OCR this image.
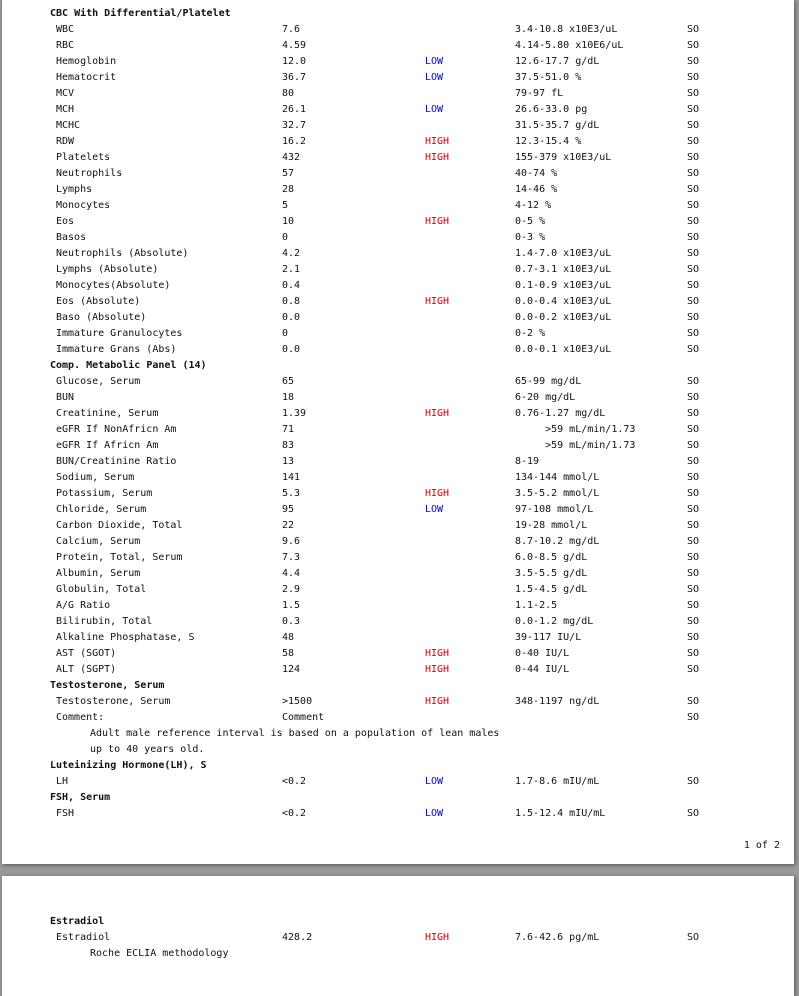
CBC With Differential/Platelet
WBC	7.6	3.4-10.8 x10E3/uL	SO
RBC	4.59	4.14-5.80 x10E6/uL	SO
Hemoglobin	12.0	LOW	12.6-17.7 g/dL	SO
Hematocrit	36.7	LOW	37.5-51.0 %	SO
MCV	80	79-97 fL	SO
MCH	26.1	LOW	26.6-33.0 pg	SO
MCHC	32.7	31.5-35.7 g/dL	SO
RDW	16.2	HIGH	12.3-15.4 %	SO
Platelets	432	HIGH	155-379 x10E3/uL	SO
Neutrophils	57	40-74 %	SO
Lymphs	28	14-46 %	SO
Monocytes	5	4-12 %	SO
Eos	10	HIGH	0-5 %	SO
Basos	0	0-3 %	SO
Neutrophils (Absolute)	4.2	1.4-7.0 x10E3/uL	SO
Lymphs (Absolute)	2.1	0.7-3.1 x10E3/uL	SO
Monocytes(Absolute)	0.4	0.1-0.9 x10E3/uL	SO
Eos (Absolute)	0.8	HIGH	0.0-0.4 x10E3/uL	SO
Baso (Absolute)	0.0	0.0-0.2 x10E3/uL	SO
Immature Granulocytes	0	0-2 %	SO
Immature Grans (Abs)	0.0	0.0-0.1 x10E3/uL	SO
Comp. Metabolic Panel (14)
Glucose, Serum	65	65-99 mg/dL	SO
BUN	18	6-20 mg/dL	SO
Creatinine, Serum	1.39	HIGH	0.76-1.27 mg/dL	SO
eGFR If NonAfricn Am	71	>59 mL/min/1.73	SO
eGFR If Africn Am	83	>59 mL/min/1.73	SO
BUN/Creatinine Ratio	13	8-19	SO
Sodium, Serum	141	134-144 mmol/L	SO
Potassium, Serum	5.3	HIGH	3.5-5.2 mmol/L	SO
Chloride, Serum	95	LOW	97-108 mmol/L	SO
Carbon Dioxide, Total	22	19-28 mmol/L	SO
Calcium, Serum	9.6	8.7-10.2 mg/dL	SO
Protein, Total, Serum	7.3	6.0-8.5 g/dL	SO
Albumin, Serum	4.4	3.5-5.5 g/dL	SO
Globulin, Total	2.9	1.5-4.5 g/dL	SO
A/G Ratio	1.5	1.1-2.5	SO
Bilirubin, Total	0.3	0.0-1.2 mg/dL	SO
Alkaline Phosphatase, S	48	39-117 IU/L	SO
AST (SGOT)	58	HIGH	0-40 IU/L	SO
ALT (SGPT)	124	HIGH	0-44 IU/L	SO
Testosterone, Serum
Testosterone, Serum	>1500	HIGH	348-1197 ng/dL	SO
Comment:	Comment	SO
Adult male reference interval is based on a population of lean males
up to 40 years old.
Luteinizing Hormone(LH), S
LH	<0.2	LOW	1.7-8.6 mIU/mL	SO
FSH, Serum
FSH	<0.2	LOW	1.5-12.4 mIU/mL	SO
1 of 2
Estradiol
Estradiol	428.2	HIGH	7.6-42.6 pg/mL	SO
Roche ECLIA methodology
